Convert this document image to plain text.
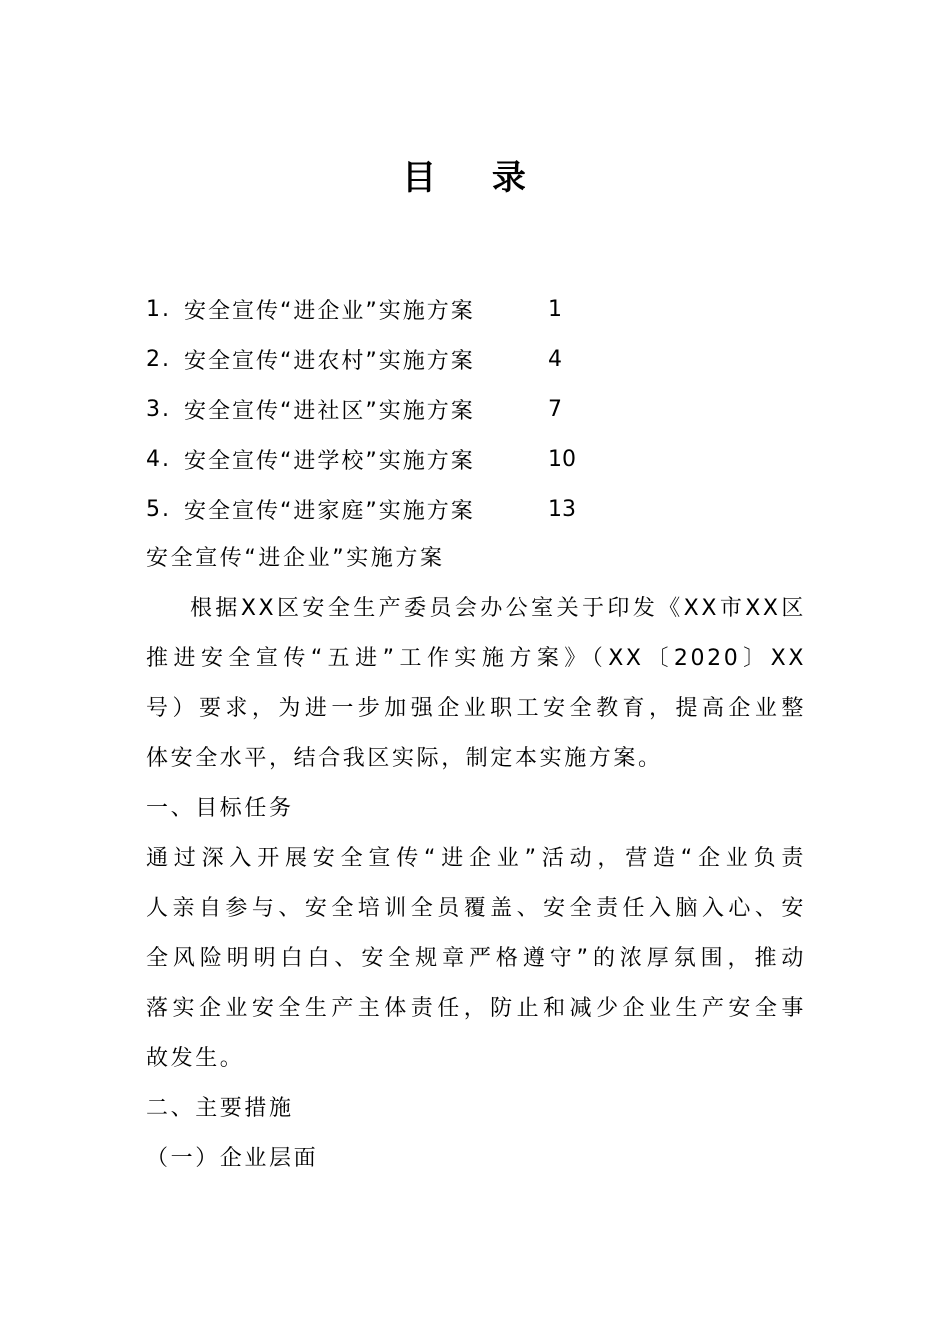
目 录
1. 安全宣传“进企业”实施方案	1
2. 安全宣传“进农村”实施方案	4
3. 安全宣传“进社区”实施方案	7
4. 安全宣传“进学校”实施方案	10
5. 安全宣传“进家庭”实施方案	13
安全宣传“进企业”实施方案
根据XX区安全生产委员会办公室关于印发《XX市XX区
推进安全宣传“五进”工作实施方案》（XX〔2020〕XX
号）要求，为进一步加强企业职工安全教育，提高企业整
体安全水平，结合我区实际，制定本实施方案。
一、目标任务
通过深入开展安全宣传“进企业”活动，营造“企业负责
人亲自参与、安全培训全员覆盖、安全责任入脑入心、安
全风险明明白白、安全规章严格遵守”的浓厚氛围，推动
落实企业安全生产主体责任，防止和减少企业生产安全事
故发生。
二、主要措施
（一）企业层面
